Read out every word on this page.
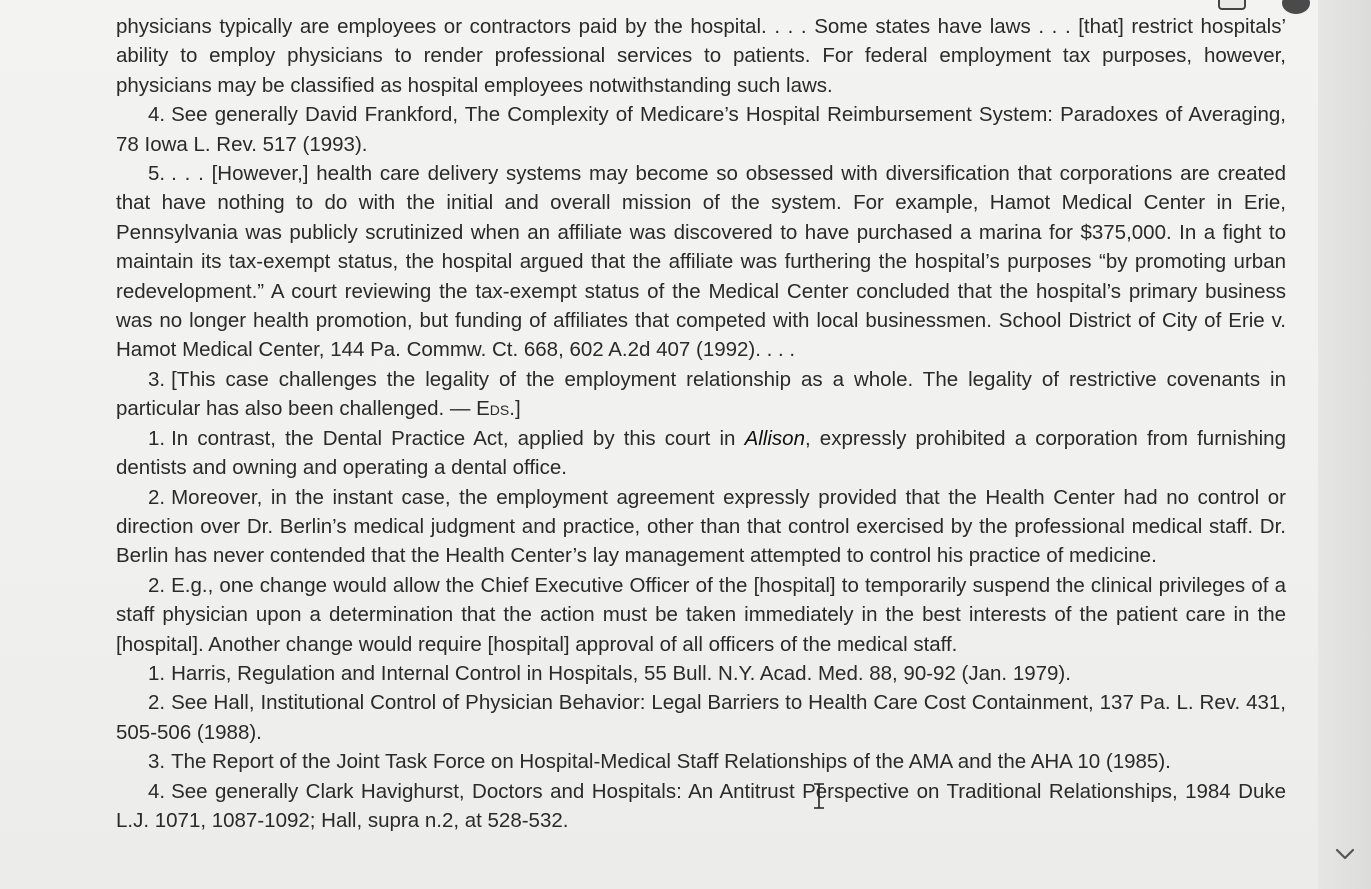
physicians typically are employees or contractors paid by the hospital. . . . Some states have laws . . . [that] restrict hospitals’ ability to employ physicians to render professional services to patients. For federal employment tax purposes, however, physicians may be classified as hospital employees notwithstanding such laws.

4. See generally David Frankford, The Complexity of Medicare’s Hospital Reimbursement System: Paradoxes of Averaging, 78 Iowa L. Rev. 517 (1993).

5. . . . [However,] health care delivery systems may become so obsessed with diversification that corporations are created that have nothing to do with the initial and overall mission of the system. For example, Hamot Medical Center in Erie, Pennsylvania was publicly scrutinized when an affiliate was discovered to have purchased a marina for $375,000. In a fight to maintain its tax-exempt status, the hospital argued that the affiliate was furthering the hospital’s purposes “by promoting urban redevelopment.” A court reviewing the tax-exempt status of the Medical Center concluded that the hospital’s primary business was no longer health promotion, but funding of affiliates that competed with local businessmen. School District of City of Erie v. Hamot Medical Center, 144 Pa. Commw. Ct. 668, 602 A.2d 407 (1992). . . .

3. [This case challenges the legality of the employment relationship as a whole. The legality of restrictive covenants in particular has also been challenged. — Eds.]

1. In contrast, the Dental Practice Act, applied by this court in Allison, expressly prohibited a corporation from furnishing dentists and owning and operating a dental office.

2. Moreover, in the instant case, the employment agreement expressly provided that the Health Center had no control or direction over Dr. Berlin’s medical judgment and practice, other than that control exercised by the professional medical staff. Dr. Berlin has never contended that the Health Center’s lay management attempted to control his practice of medicine.

2. E.g., one change would allow the Chief Executive Officer of the [hospital] to temporarily suspend the clinical privileges of a staff physician upon a determination that the action must be taken immediately in the best interests of the patient care in the [hospital]. Another change would require [hospital] approval of all officers of the medical staff.

1. Harris, Regulation and Internal Control in Hospitals, 55 Bull. N.Y. Acad. Med. 88, 90-92 (Jan. 1979).

2. See Hall, Institutional Control of Physician Behavior: Legal Barriers to Health Care Cost Containment, 137 Pa. L. Rev. 431, 505-506 (1988).

3. The Report of the Joint Task Force on Hospital-Medical Staff Relationships of the AMA and the AHA 10 (1985).

4. See generally Clark Havighurst, Doctors and Hospitals: An Antitrust Perspective on Traditional Relationships, 1984 Duke L.J. 1071, 1087-1092; Hall, supra n.2, at 528-532.
